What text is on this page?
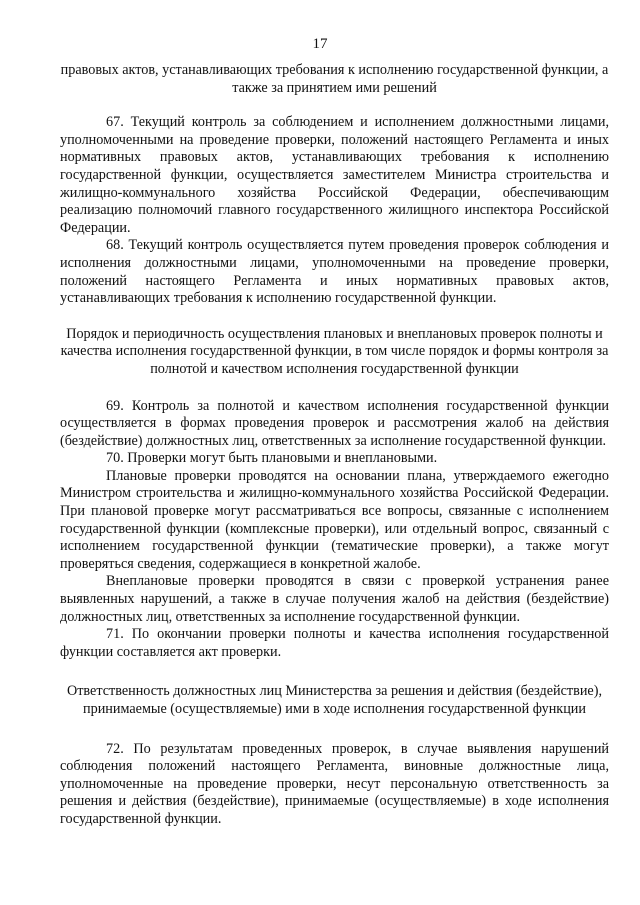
17

правовых актов, устанавливающих требования к исполнению государственной функции, а также за принятием ими решений

67. Текущий контроль за соблюдением и исполнением должностными лицами, уполномоченными на проведение проверки, положений настоящего Регламента и иных нормативных правовых актов, устанавливающих требования к исполнению государственной функции, осуществляется заместителем Министра строительства и жилищно-коммунального хозяйства Российской Федерации, обеспечивающим реализацию полномочий главного государственного жилищного инспектора Российской Федерации.

68. Текущий контроль осуществляется путем проведения проверок соблюдения и исполнения должностными лицами, уполномоченными на проведение проверки, положений настоящего Регламента и иных нормативных правовых актов, устанавливающих требования к исполнению государственной функции.

Порядок и периодичность осуществления плановых и внеплановых проверок полноты и качества исполнения государственной функции, в том числе порядок и формы контроля за полнотой и качеством исполнения государственной функции

69. Контроль за полнотой и качеством исполнения государственной функции осуществляется в формах проведения проверок и рассмотрения жалоб на действия (бездействие) должностных лиц, ответственных за исполнение государственной функции.

70. Проверки могут быть плановыми и внеплановыми.

Плановые проверки проводятся на основании плана, утверждаемого ежегодно Министром строительства и жилищно-коммунального хозяйства Российской Федерации. При плановой проверке могут рассматриваться все вопросы, связанные с исполнением государственной функции (комплексные проверки), или отдельный вопрос, связанный с исполнением государственной функции (тематические проверки), а также могут проверяться сведения, содержащиеся в конкретной жалобе.

Внеплановые проверки проводятся в связи с проверкой устранения ранее выявленных нарушений, а также в случае получения жалоб на действия (бездействие) должностных лиц, ответственных за исполнение государственной функции.

71. По окончании проверки полноты и качества исполнения государственной функции составляется акт проверки.

Ответственность должностных лиц Министерства за решения и действия (бездействие), принимаемые (осуществляемые) ими в ходе исполнения государственной функции

72. По результатам проведенных проверок, в случае выявления нарушений соблюдения положений настоящего Регламента, виновные должностные лица, уполномоченные на проведение проверки, несут персональную ответственность за решения и действия (бездействие), принимаемые (осуществляемые) в ходе исполнения государственной функции.
